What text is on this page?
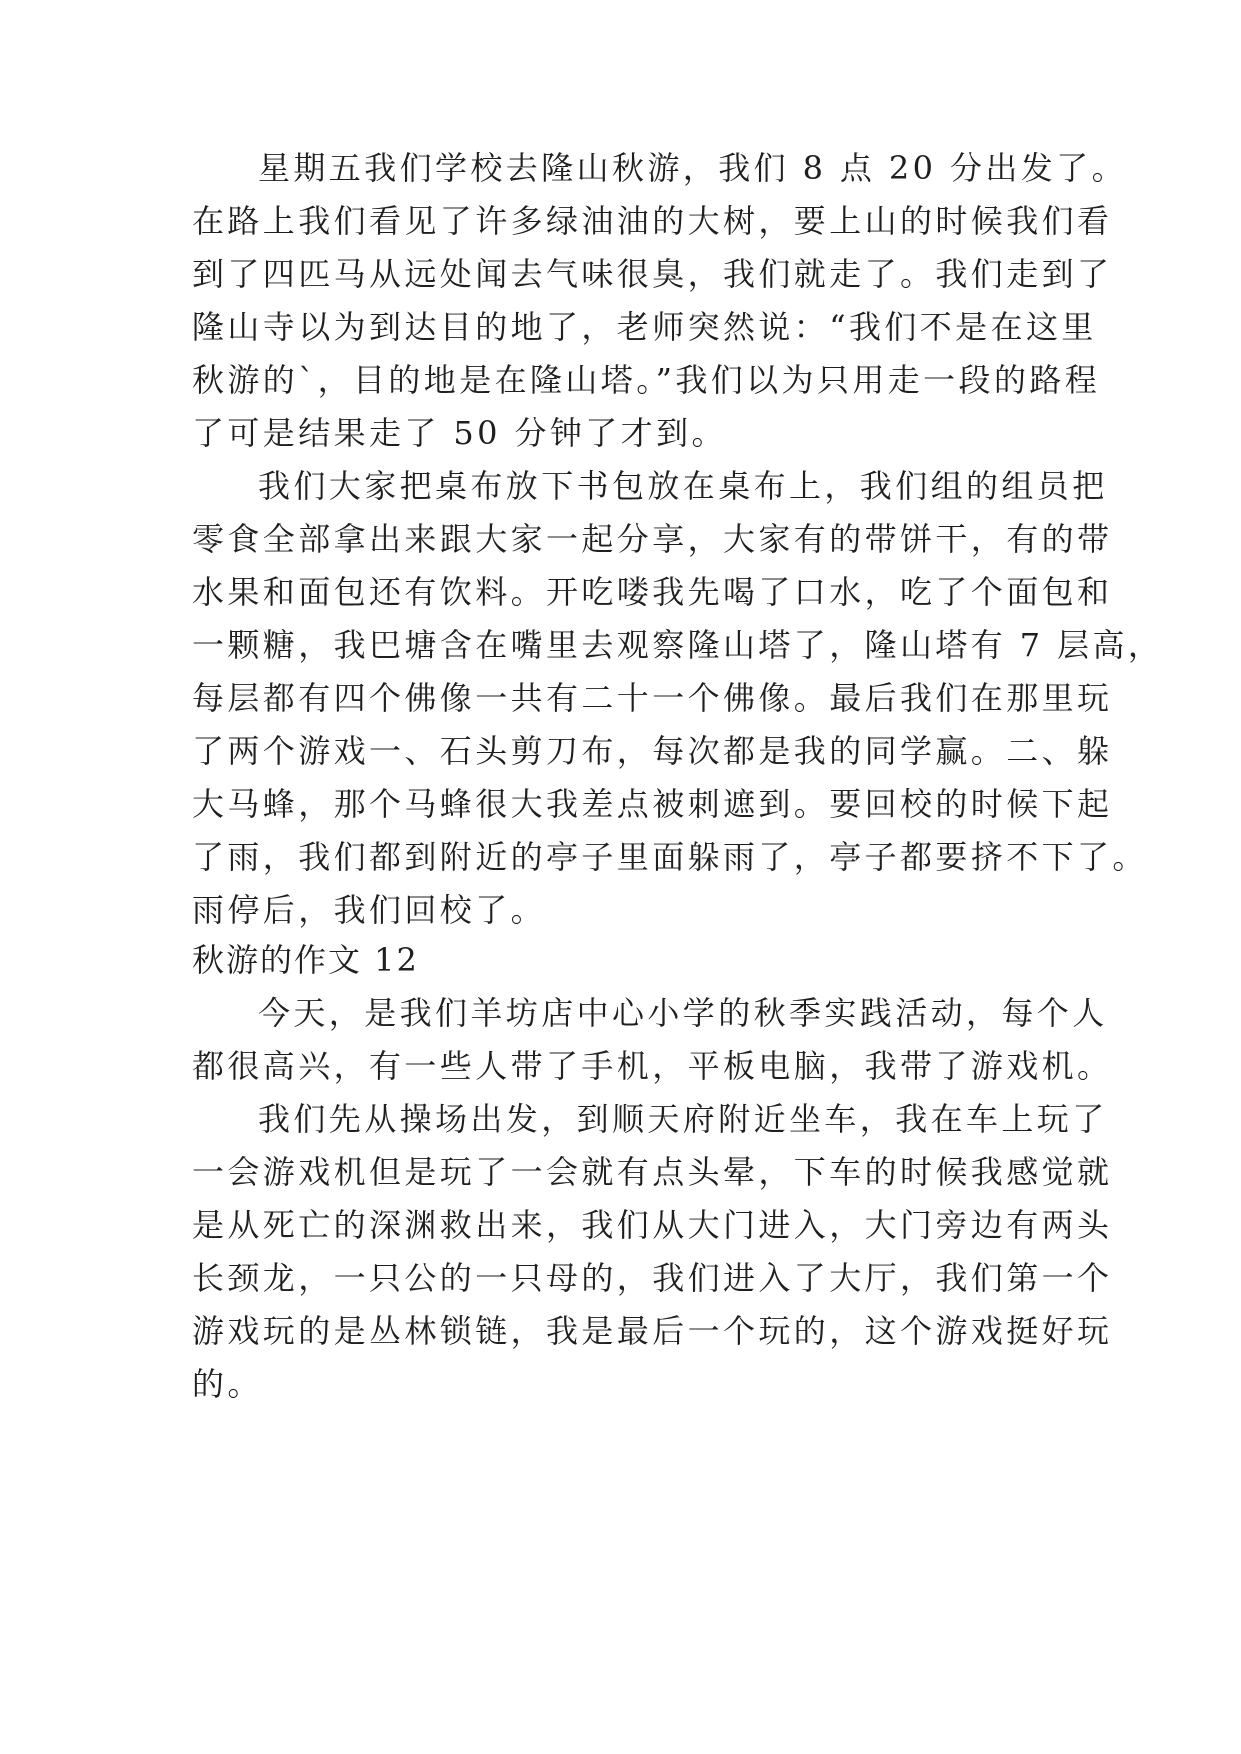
星期五我们学校去隆山秋游，我们 8 点 20 分出发了。
在路上我们看见了许多绿油油的大树，要上山的时候我们看
到了四匹马从远处闻去气味很臭，我们就走了。我们走到了
隆山寺以为到达目的地了，老师突然说：“我们不是在这里
秋游的`，目的地是在隆山塔。”我们以为只用走一段的路程
了可是结果走了 50 分钟了才到。
我们大家把桌布放下书包放在桌布上，我们组的组员把
零食全部拿出来跟大家一起分享，大家有的带饼干，有的带
水果和面包还有饮料。开吃喽我先喝了口水，吃了个面包和
一颗糖，我巴塘含在嘴里去观察隆山塔了，隆山塔有 7 层高，
每层都有四个佛像一共有二十一个佛像。最后我们在那里玩
了两个游戏一、石头剪刀布，每次都是我的同学赢。二、躲
大马蜂，那个马蜂很大我差点被刺遮到。要回校的时候下起
了雨，我们都到附近的亭子里面躲雨了，亭子都要挤不下了。
雨停后，我们回校了。
秋游的作文 12
今天，是我们羊坊店中心小学的秋季实践活动，每个人
都很高兴，有一些人带了手机，平板电脑，我带了游戏机。
我们先从操场出发，到顺天府附近坐车，我在车上玩了
一会游戏机但是玩了一会就有点头晕，下车的时候我感觉就
是从死亡的深渊救出来，我们从大门进入，大门旁边有两头
长颈龙，一只公的一只母的，我们进入了大厅，我们第一个
游戏玩的是丛林锁链，我是最后一个玩的，这个游戏挺好玩
的。
